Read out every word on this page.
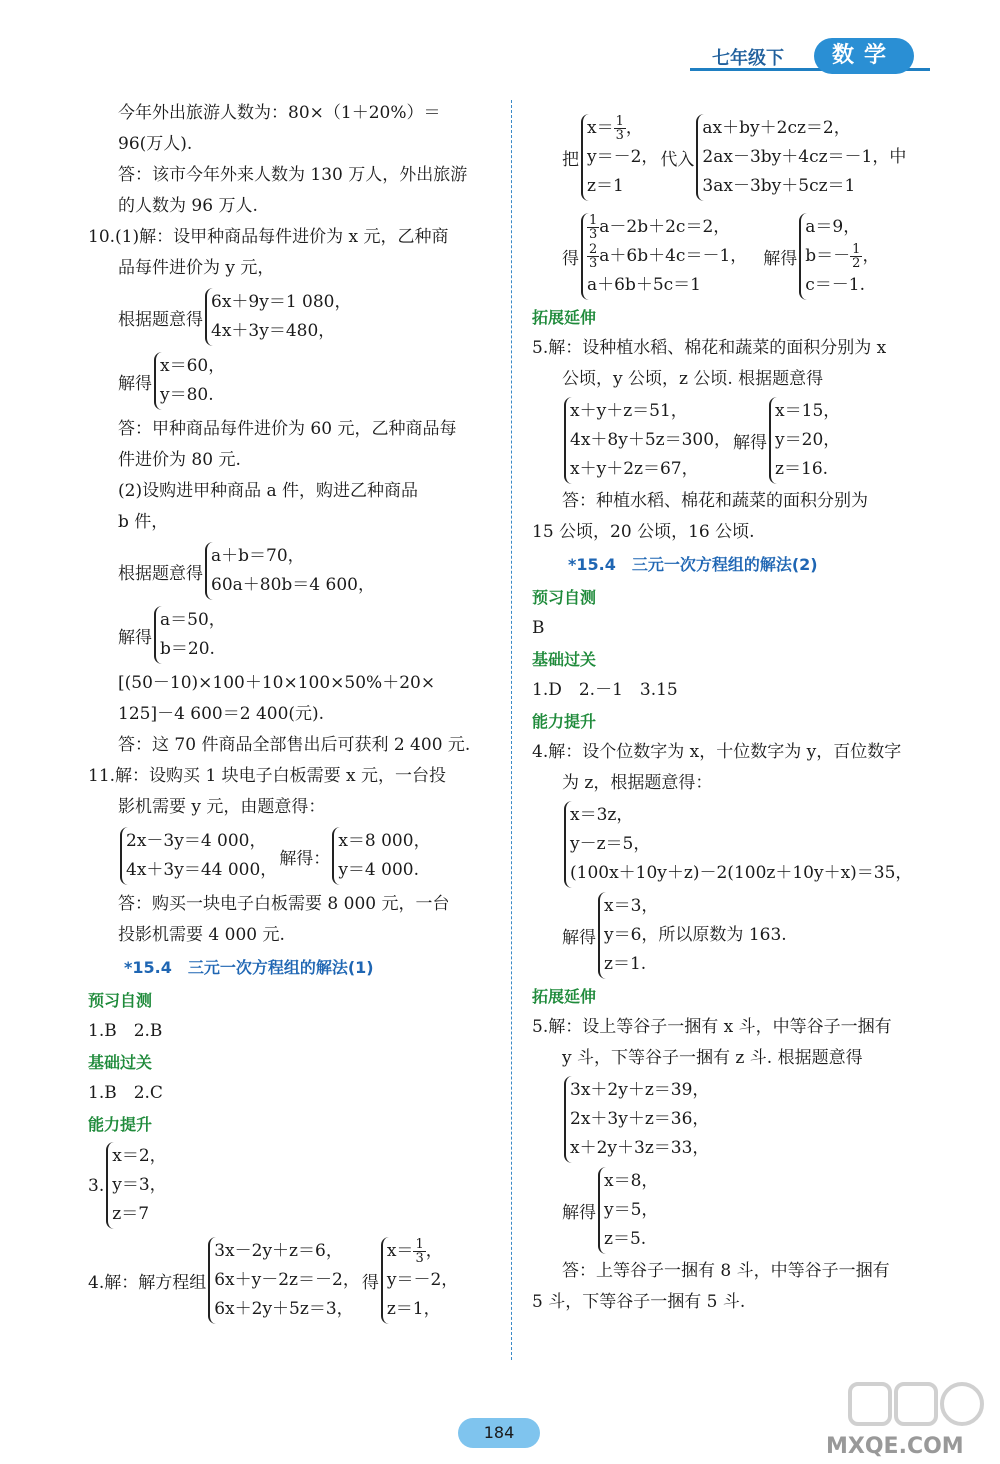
七年级下	数学

今年外出旅游人数为：80×（1＋20%）＝

96(万人).

答：该市今年外来人数为 130 万人，外出旅游

的人数为 96 万人.

10.(1)解：设甲种商品每件进价为 x 元，乙种商

品每件进价为 y 元，

根据题意得
6x＋9y＝1 080，
4x＋3y＝480，
解得
x＝60，
y＝80.

答：甲种商品每件进价为 60 元，乙种商品每

件进价为 80 元.

(2)设购进甲种商品 a 件，购进乙种商品

b 件，

根据题意得
a＋b＝70，
60a＋80b＝4 600，
解得
a＝50，
b＝20.

[(50－10)×100＋10×100×50%＋20×

125]－4 600＝2 400(元).

答：这 70 件商品全部售出后可获利 2 400 元.

11.解：设购买 1 块电子白板需要 x 元，一台投

影机需要 y 元，由题意得：

2x－3y＝4 000，
4x＋3y＝44 000，
解得：
x＝8 000，
y＝4 000.

答：购买一块电子白板需要 8 000 元，一台

投影机需要 4 000 元.

*15.4　三元一次方程组的解法(1)
预习自测

1.B　2.B

基础过关

1.B　2.C

能力提升
3.
x＝2，
y＝3，
z＝7
4.解：解方程组
3x－2y＋z＝6，
6x＋y－2z＝－2，
6x＋2y＋5z＝3，
得
$x= \frac{1}{3}$ ，
y＝－2，
z＝1，
把
$x= \frac{1}{3}$ ，
y＝－2，
z＝1
代入
ax＋by＋2cz＝2，
2ax－3by＋4cz＝－1，中
3ax－3by＋5cz＝1
得
$\frac{1}{3} a-2b+2c=2$，
$\frac{2}{3} a+6b+4c=-1$，
a＋6b＋5c＝1
解得
a＝9，
$b=- \frac{1}{2}$ ，
c＝－1.
拓展延伸

5.解：设种植水稻、棉花和蔬菜的面积分别为 x

公顷，y 公顷，z 公顷. 根据题意得

x＋y＋z＝51，
4x＋8y＋5z＝300，
x＋y＋2z＝67，
解得
x＝15，
y＝20，
z＝16.

答：种植水稻、棉花和蔬菜的面积分别为

15 公顷，20 公顷，16 公顷.

*15.4　三元一次方程组的解法(2)
预习自测

B

基础过关

1.D　2.－1　3.15

能力提升

4.解：设个位数字为 x，十位数字为 y，百位数字

为 z，根据题意得：

x＝3z，
y－z＝5，
(100x＋10y＋z)－2(100z＋10y＋x)＝35，
解得
x＝3，
y＝6，所以原数为 163.
z＝1.
拓展延伸

5.解：设上等谷子一捆有 x 斗，中等谷子一捆有

y 斗，下等谷子一捆有 z 斗. 根据题意得

3x＋2y＋z＝39，
2x＋3y＋z＝36，
x＋2y＋3z＝33，
解得
x＝8，
y＝5，
z＝5.

答：上等谷子一捆有 8 斗，中等谷子一捆有

5 斗，下等谷子一捆有 5 斗.

184
MXQE.COM
